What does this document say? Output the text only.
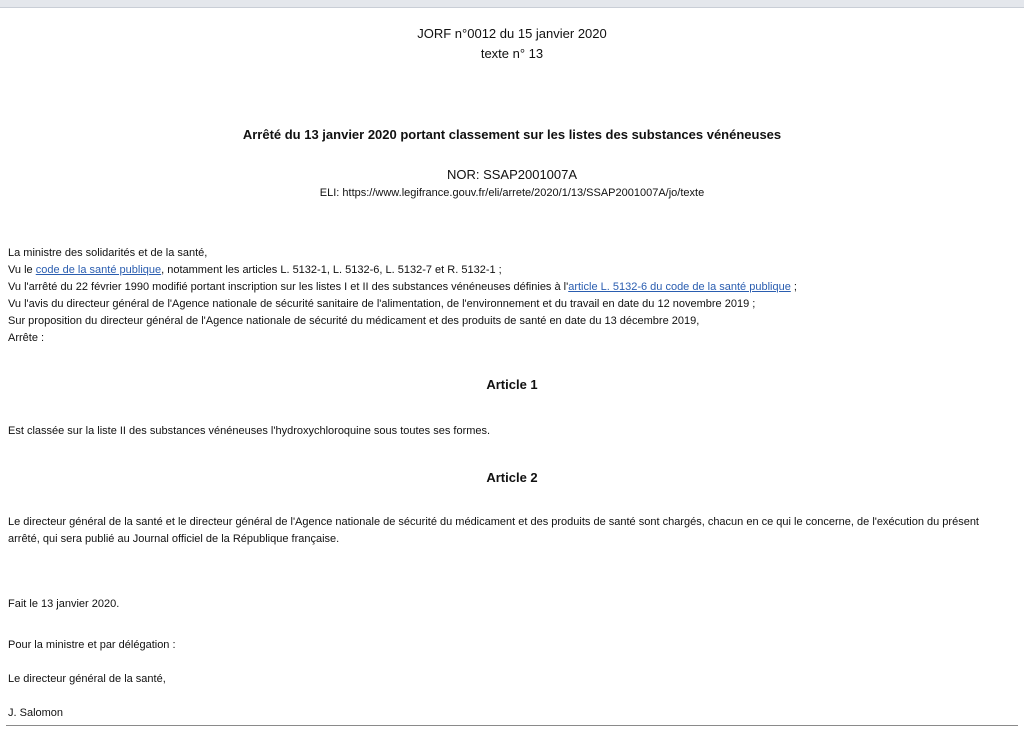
JORF n°0012 du 15 janvier 2020
texte n° 13
Arrêté du 13 janvier 2020 portant classement sur les listes des substances vénéneuses
NOR: SSAP2001007A
ELI: https://www.legifrance.gouv.fr/eli/arrete/2020/1/13/SSAP2001007A/jo/texte
La ministre des solidarités et de la santé,
Vu le code de la santé publique, notamment les articles L. 5132-1, L. 5132-6, L. 5132-7 et R. 5132-1 ;
Vu l'arrêté du 22 février 1990 modifié portant inscription sur les listes I et II des substances vénéneuses définies à l'article L. 5132-6 du code de la santé publique ;
Vu l'avis du directeur général de l'Agence nationale de sécurité sanitaire de l'alimentation, de l'environnement et du travail en date du 12 novembre 2019 ;
Sur proposition du directeur général de l'Agence nationale de sécurité du médicament et des produits de santé en date du 13 décembre 2019,
Arrête :
Article 1
Est classée sur la liste II des substances vénéneuses l'hydroxychloroquine sous toutes ses formes.
Article 2
Le directeur général de la santé et le directeur général de l'Agence nationale de sécurité du médicament et des produits de santé sont chargés, chacun en ce qui le concerne, de l'exécution du présent arrêté, qui sera publié au Journal officiel de la République française.
Fait le 13 janvier 2020.
Pour la ministre et par délégation :
Le directeur général de la santé,
J. Salomon
